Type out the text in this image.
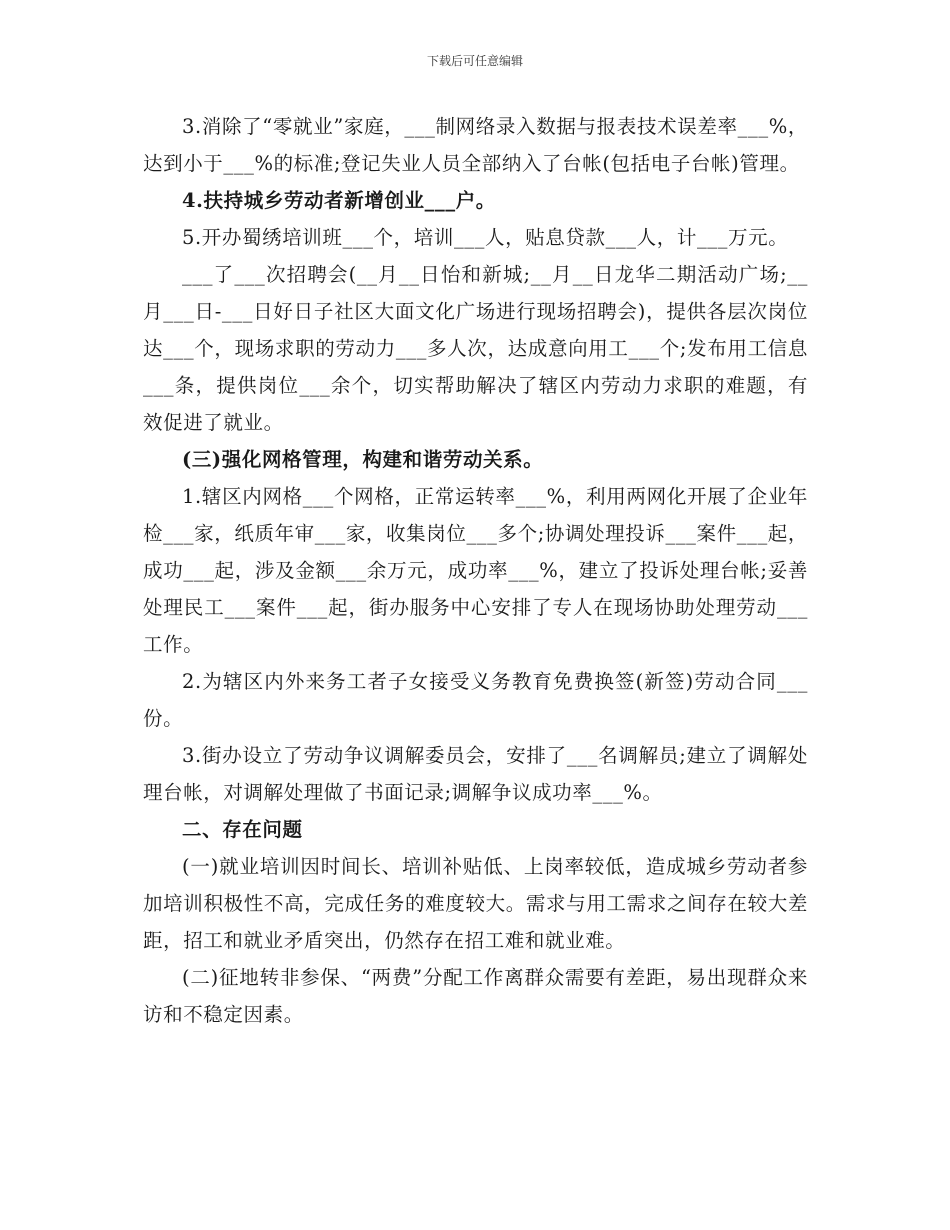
下载后可任意编辑

3.消除了“零就业”家庭，___制网络录入数据与报表技术误差率___%，达到小于___%的标准;登记失业人员全部纳入了台帐(包括电子台帐)管理。

4.扶持城乡劳动者新增创业___户。

5.开办蜀绣培训班___个，培训___人，贴息贷款___人，计___万元。

___了___次招聘会(__月__日怡和新城;__月__日龙华二期活动广场;__月___日-___日好日子社区大面文化广场进行现场招聘会)，提供各层次岗位达___个，现场求职的劳动力___多人次，达成意向用工___个;发布用工信息___条，提供岗位___余个，切实帮助解决了辖区内劳动力求职的难题，有效促进了就业。

(三)强化网格管理，构建和谐劳动关系。

1.辖区内网格___个网格，正常运转率___%，利用两网化开展了企业年检___家，纸质年审___家，收集岗位___多个;协调处理投诉___案件___起，成功___起，涉及金额___余万元，成功率___%，建立了投诉处理台帐;妥善处理民工___案件___起，街办服务中心安排了专人在现场协助处理劳动___工作。

2.为辖区内外来务工者子女接受义务教育免费换签(新签)劳动合同___份。

3.街办设立了劳动争议调解委员会，安排了___名调解员;建立了调解处理台帐，对调解处理做了书面记录;调解争议成功率___%。

二、存在问题

(一)就业培训因时间长、培训补贴低、上岗率较低，造成城乡劳动者参加培训积极性不高，完成任务的难度较大。需求与用工需求之间存在较大差距，招工和就业矛盾突出，仍然存在招工难和就业难。

(二)征地转非参保、“两费”分配工作离群众需要有差距，易出现群众来访和不稳定因素。
